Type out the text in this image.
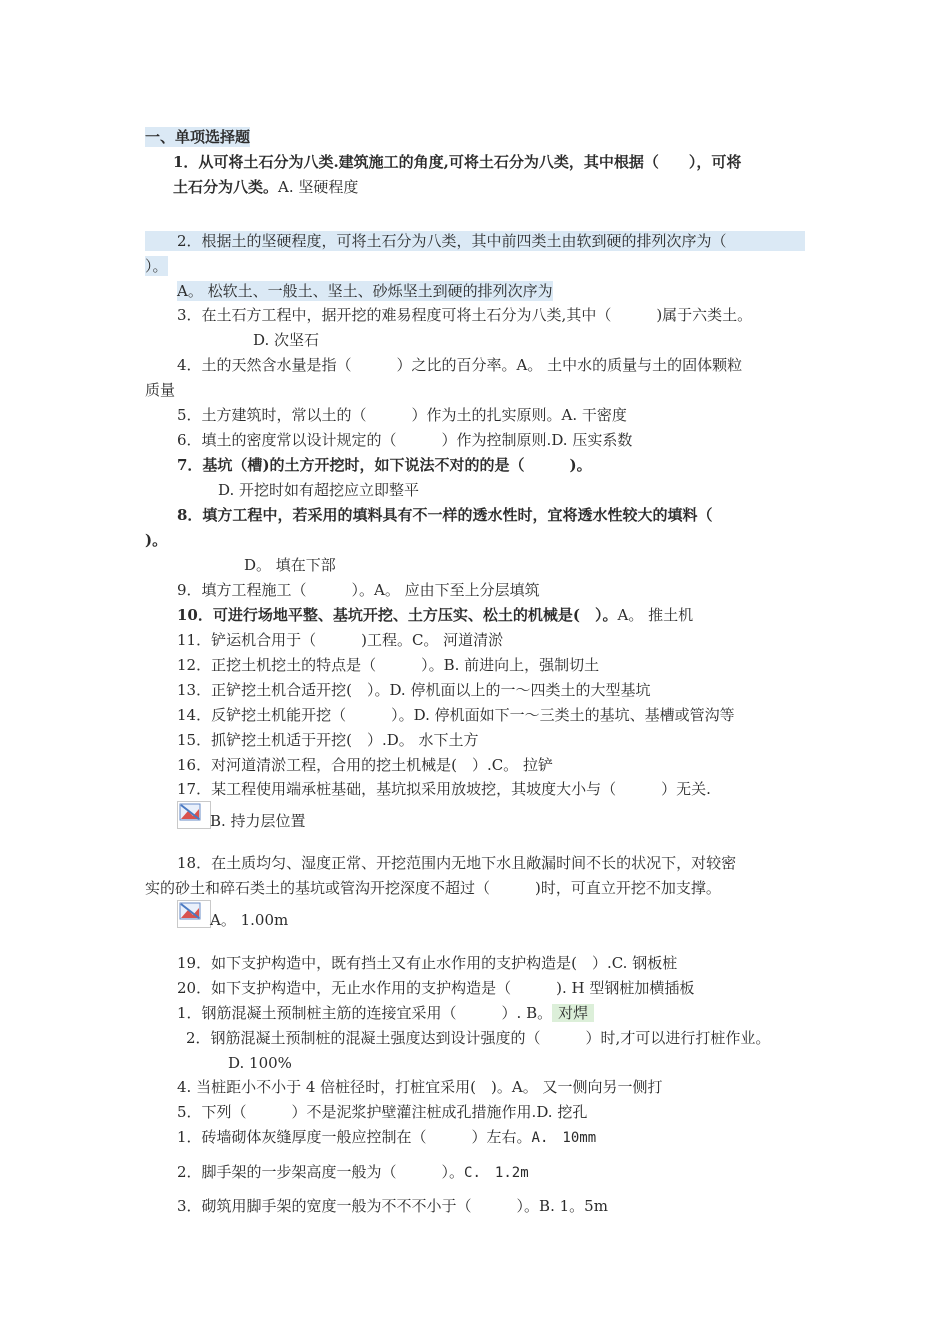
一、单项选择题
1．从可将土石分为八类.建筑施工的角度,可将土石分为八类，其中根据（　　），可将
土石分为八类。A. 坚硬程度
2．根据土的坚硬程度，可将土石分为八类，其中前四类土由软到硬的排列次序为（
）。
A。 松软土、一般土、坚土、砂烁坚土到硬的排列次序为
3．在土石方工程中，据开挖的难易程度可将土石分为八类,其中（　　　)属于六类土。
D. 次坚石
4．土的天然含水量是指（　　　）之比的百分率。A。 土中水的质量与土的固体颗粒
质量
5．土方建筑时，常以土的（　　　）作为土的扎实原则。A. 干密度
6．填土的密度常以设计规定的（　　　）作为控制原则.D. 压实系数
7．基坑（槽)的土方开挖时，如下说法不对的的是（　　　)。
D. 开挖时如有超挖应立即整平
8．填方工程中，若采用的填料具有不一样的透水性时，宜将透水性较大的填料（
)。
D。 填在下部
9．填方工程施工（　　　）。A。 应由下至上分层填筑
10．可进行场地平整、基坑开挖、土方压实、松土的机械是(　）。A。 推土机
11．铲运机合用于（　　　)工程。C。 河道清淤
12．正挖土机挖土的特点是（　　　）。B. 前进向上，强制切土
13．正铲挖土机合适开挖(　）。D. 停机面以上的一～四类土的大型基坑
14．反铲挖土机能开挖（　　　）。D. 停机面如下一～三类土的基坑、基槽或管沟等
15．抓铲挖土机适于开挖(　）.D。 水下土方
16．对河道清淤工程，合用的挖土机械是(　）.C。 拉铲
17．某工程使用端承桩基础，基坑拟采用放坡挖，其坡度大小与（　　　）无关.
B. 持力层位置
18．在土质均匀、湿度正常、开挖范围内无地下水且敞漏时间不长的状况下，对较密
实的砂土和碎石类土的基坑或管沟开挖深度不超过（　　　)时，可直立开挖不加支撑。
A。 1.00m
19．如下支护构造中，既有挡土又有止水作用的支护构造是(　）.C. 钢板桩
20．如下支护构造中，无止水作用的支护构造是（　　　). H 型钢桩加横插板
1．钢筋混凝土预制桩主筋的连接宜采用（　　　）. B。 对焊
2．钢筋混凝土预制桩的混凝土强度达到设计强度的（　　　）时,才可以进行打桩作业。
D. 100%
4. 当桩距小不小于 4 倍桩径时，打桩宜采用(　)。A。 又一侧向另一侧打
5．下列（　　　）不是泥浆护壁灌注桩成孔措施作用.D. 挖孔
1．砖墙砌体灰缝厚度一般应控制在（　　　）左右。A.　10mm
2．脚手架的一步架高度一般为（　　　）。C.　1.2m
3．砌筑用脚手架的宽度一般为不不不小于（　　　）。B. 1。5m
